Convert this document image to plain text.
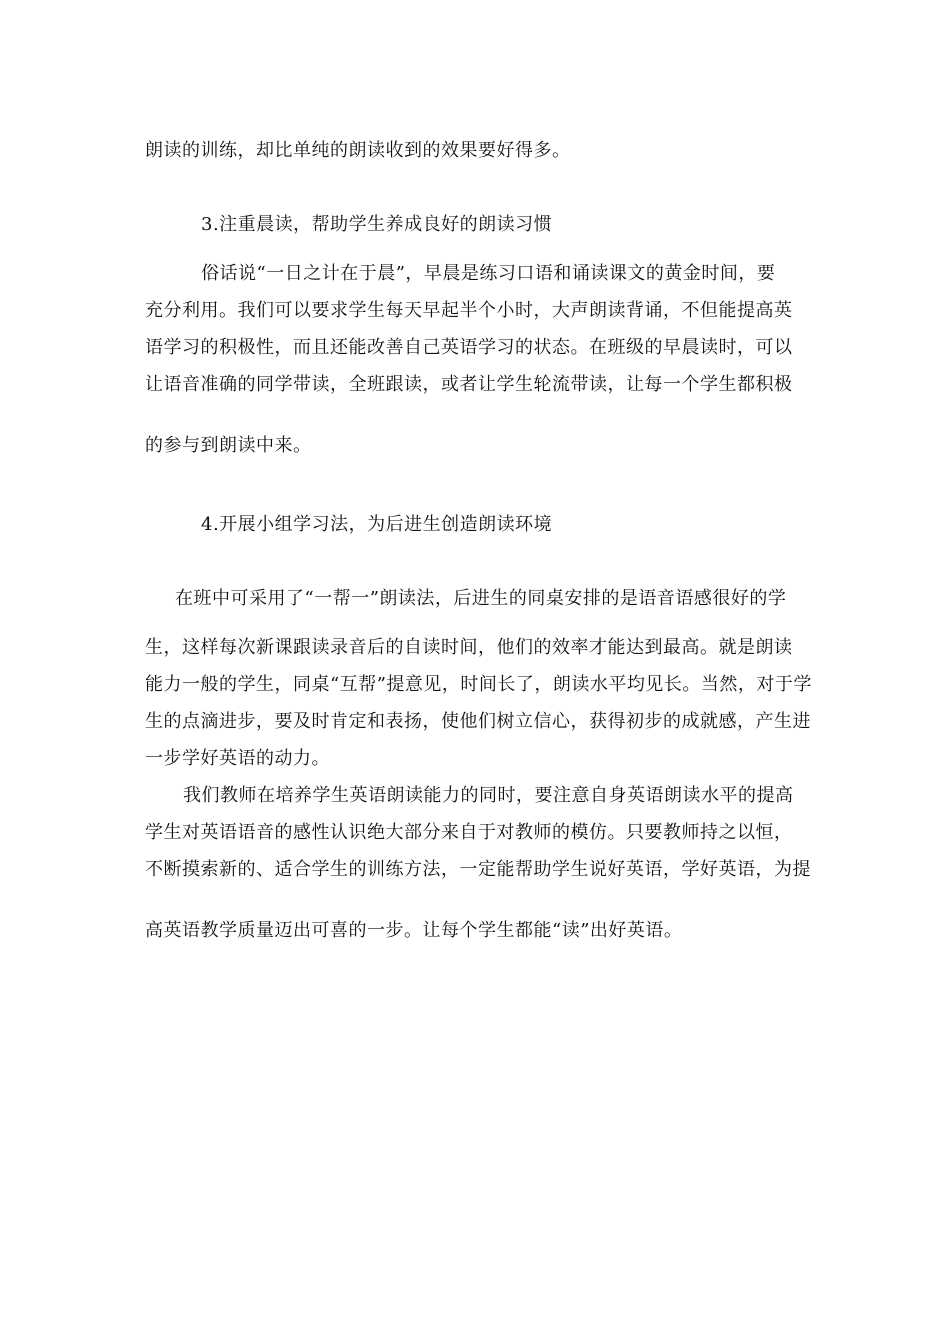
朗读的训练，却比单纯的朗读收到的效果要好得多。
3.注重晨读，帮助学生养成良好的朗读习惯
俗话说“一日之计在于晨”，早晨是练习口语和诵读课文的黄金时间，要
充分利用。我们可以要求学生每天早起半个小时，大声朗读背诵，不但能提高英
语学习的积极性，而且还能改善自己英语学习的状态。在班级的早晨读时，可以
让语音准确的同学带读，全班跟读，或者让学生轮流带读，让每一个学生都积极
的参与到朗读中来。
4.开展小组学习法，为后进生创造朗读环境
在班中可采用了“一帮一”朗读法，后进生的同桌安排的是语音语感很好的学
生，这样每次新课跟读录音后的自读时间，他们的效率才能达到最高。就是朗读
能力一般的学生，同桌“互帮”提意见，时间长了，朗读水平均见长。当然，对于学
生的点滴进步，要及时肯定和表扬，使他们树立信心，获得初步的成就感，产生进
一步学好英语的动力。
我们教师在培养学生英语朗读能力的同时，要注意自身英语朗读水平的提高
学生对英语语音的感性认识绝大部分来自于对教师的模仿。只要教师持之以恒，
不断摸索新的、适合学生的训练方法，一定能帮助学生说好英语，学好英语，为提
高英语教学质量迈出可喜的一步。让每个学生都能“读”出好英语。
